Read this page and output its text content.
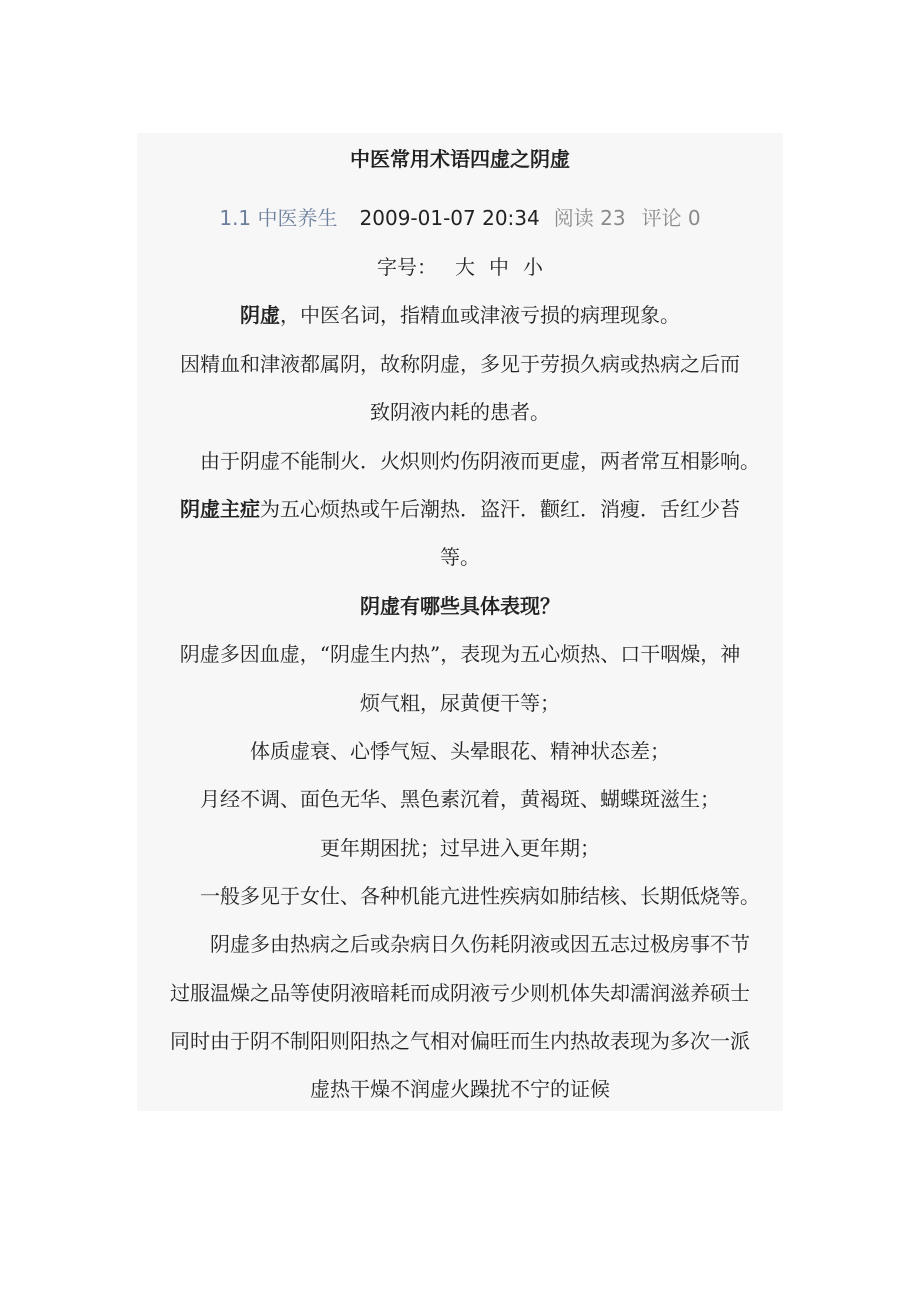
中医常用术语四虚之阴虚
1.1 中医养生 2009-01-07 20:34 阅读 23 评论 0
字号： 大 中 小
阴虚，中医名词，指精血或津液亏损的病理现象。
因精血和津液都属阴，故称阴虚，多见于劳损久病或热病之后而
致阴液内耗的患者。
由于阴虚不能制火．火炽则灼伤阴液而更虚，两者常互相影响。
阴虚主症为五心烦热或午后潮热．盗汗．颧红．消瘦．舌红少苔
等。
阴虚有哪些具体表现？
阴虚多因血虚，“阴虚生内热”，表现为五心烦热、口干咽燥，神
烦气粗，尿黄便干等；
体质虚衰、心悸气短、头晕眼花、精神状态差；
月经不调、面色无华、黑色素沉着，黄褐斑、蝴蝶斑滋生；
更年期困扰；过早进入更年期；
一般多见于女仕、各种机能亢进性疾病如肺结核、长期低烧等。
阴虚多由热病之后或杂病日久伤耗阴液或因五志过极房事不节
过服温燥之品等使阴液暗耗而成阴液亏少则机体失却濡润滋养硕士
同时由于阴不制阳则阳热之气相对偏旺而生内热故表现为多次一派
虚热干燥不润虚火躁扰不宁的证候
